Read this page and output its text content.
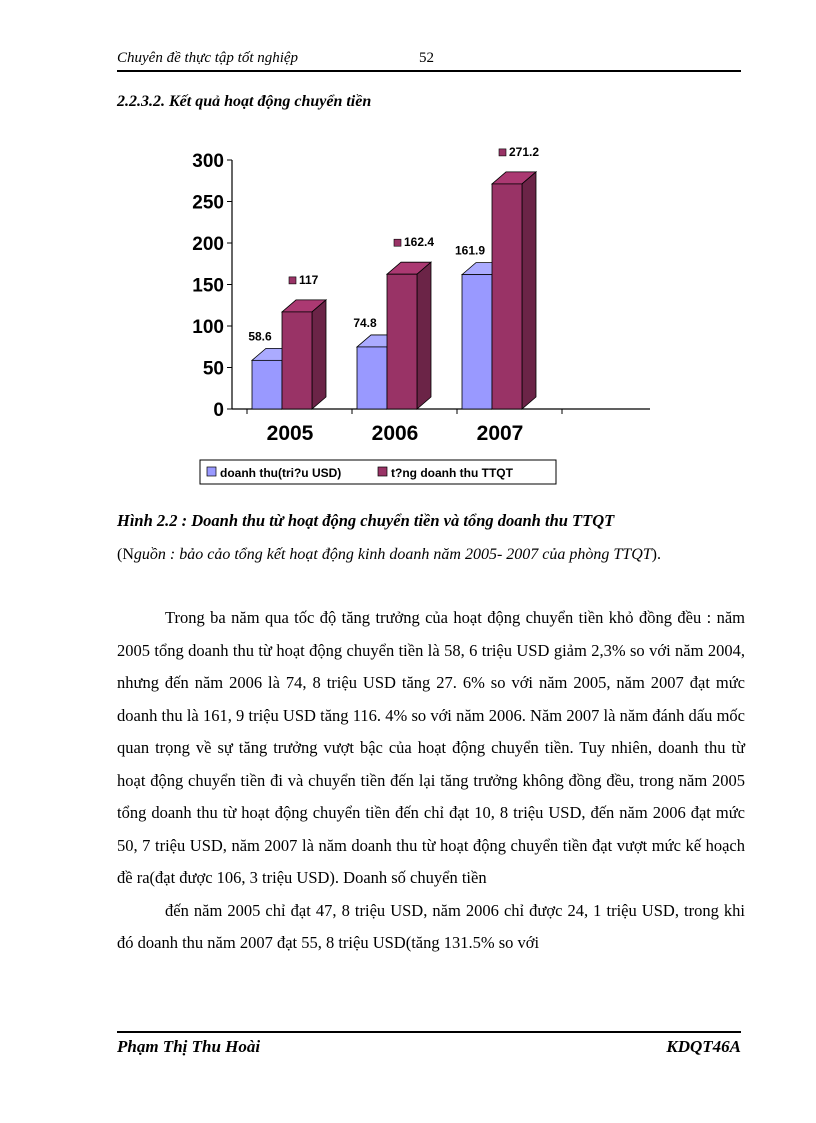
Chuyên đề thực tập tốt nghiệp	52
2.2.3.2. Kết quả hoạt động chuyển tiền
0
50
100
150
200
250
300
58.6
117
2005
74.8
162.4
2006
161.9
271.2
2007
doanh thu(tri?u USD)	t?ng doanh thu TTQT
Hình 2.2 : Doanh thu từ hoạt động chuyển tiền và tổng doanh thu TTQT
(Nguồn : bảo cảo tổng kết hoạt động kinh doanh năm 2005- 2007 của phòng TTQT).

Trong ba năm qua tốc độ tăng trưởng của hoạt động chuyển tiền khỏ đồng đều : năm 2005 tổng doanh thu từ hoạt động chuyển tiền là 58, 6 triệu USD giảm 2,3% so với năm 2004, nhưng đến năm 2006 là 74, 8 triệu USD tăng 27. 6% so với năm 2005, năm 2007 đạt mức doanh thu là 161, 9 triệu USD tăng 116. 4% so với năm 2006. Năm 2007 là năm đánh dấu mốc quan trọng về sự tăng trưởng vượt bậc của hoạt động chuyển tiền. Tuy nhiên, doanh thu từ hoạt động chuyển tiền đi và chuyển tiền đến lại tăng trưởng không đồng đều, trong năm 2005 tổng doanh thu từ hoạt động chuyển tiền đến chỉ đạt 10, 8 triệu USD, đến năm 2006 đạt mức 50, 7 triệu USD, năm 2007 là năm doanh thu từ hoạt động chuyển tiền đạt vượt mức kế hoạch đề ra(đạt được 106, 3 triệu USD). Doanh số chuyển tiền

đến năm 2005 chỉ đạt 47, 8 triệu USD, năm 2006 chỉ được 24, 1 triệu USD, trong khi đó doanh thu năm 2007 đạt 55, 8 triệu USD(tăng 131.5% so với

Phạm Thị Thu Hoài	KDQT46A
